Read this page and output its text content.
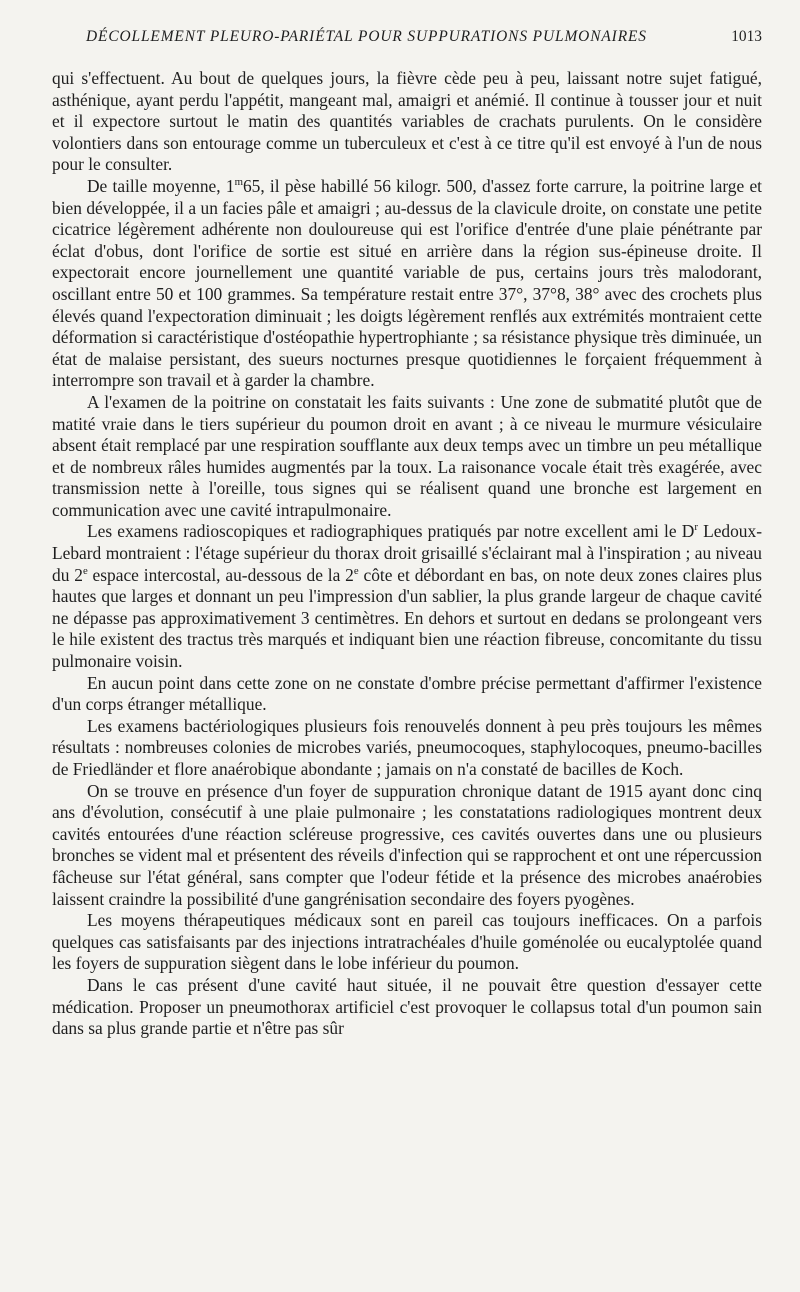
DÉCOLLEMENT PLEURO-PARIÉTAL POUR SUPPURATIONS PULMONAIRES	1013

qui s'effectuent. Au bout de quelques jours, la fièvre cède peu à peu, laissant notre sujet fatigué, asthénique, ayant perdu l'appétit, mangeant mal, amaigri et anémié. Il continue à tousser jour et nuit et il expectore surtout le matin des quantités variables de crachats purulents. On le considère volontiers dans son entourage comme un tuberculeux et c'est à ce titre qu'il est envoyé à l'un de nous pour le consulter.

De taille moyenne, 1$^m$65, il pèse habillé 56 kilogr. 500, d'assez forte carrure, la poitrine large et bien développée, il a un facies pâle et amaigri ; au-dessus de la clavicule droite, on constate une petite cicatrice légèrement adhérente non douloureuse qui est l'orifice d'entrée d'une plaie pénétrante par éclat d'obus, dont l'orifice de sortie est situé en arrière dans la région sus-épineuse droite. Il expectorait encore journellement une quantité variable de pus, certains jours très malodorant, oscillant entre 50 et 100 grammes. Sa température restait entre 37°, 37°8, 38° avec des crochets plus élevés quand l'expectoration diminuait ; les doigts légèrement renflés aux extrémités montraient cette déformation si caractéristique d'ostéopathie hypertrophiante ; sa résistance physique très diminuée, un état de malaise persistant, des sueurs nocturnes presque quotidiennes le forçaient fréquemment à interrompre son travail et à garder la chambre.

A l'examen de la poitrine on constatait les faits suivants : Une zone de submatité plutôt que de matité vraie dans le tiers supérieur du poumon droit en avant ; à ce niveau le murmure vésiculaire absent était remplacé par une respiration soufflante aux deux temps avec un timbre un peu métallique et de nombreux râles humides augmentés par la toux. La raisonance vocale était très exagérée, avec transmission nette à l'oreille, tous signes qui se réalisent quand une bronche est largement en communication avec une cavité intrapulmonaire.

Les examens radioscopiques et radiographiques pratiqués par notre excellent ami le $D^r$ Ledoux-Lebard montraient : l'étage supérieur du thorax droit grisaillé s'éclairant mal à l'inspiration ; au niveau du 2e espace intercostal, au-dessous de la 2e côte et débordant en bas, on note deux zones claires plus hautes que larges et donnant un peu l'impression d'un sablier, la plus grande largeur de chaque cavité ne dépasse pas approximativement 3 centimètres. En dehors et surtout en dedans se prolongeant vers le hile existent des tractus très marqués et indiquant bien une réaction fibreuse, concomitante du tissu pulmonaire voisin.

En aucun point dans cette zone on ne constate d'ombre précise permettant d'affirmer l'existence d'un corps étranger métallique.

Les examens bactériologiques plusieurs fois renouvelés donnent à peu près toujours les mêmes résultats : nombreuses colonies de microbes variés, pneumocoques, staphylocoques, pneumo-bacilles de Friedländer et flore anaérobique abondante ; jamais on n'a constaté de bacilles de Koch.

On se trouve en présence d'un foyer de suppuration chronique datant de 1915 ayant donc cinq ans d'évolution, consécutif à une plaie pulmonaire ; les constatations radiologiques montrent deux cavités entourées d'une réaction scléreuse progressive, ces cavités ouvertes dans une ou plusieurs bronches se vident mal et présentent des réveils d'infection qui se rapprochent et ont une répercussion fâcheuse sur l'état général, sans compter que l'odeur fétide et la présence des microbes anaérobies laissent craindre la possibilité d'une gangrénisation secondaire des foyers pyogènes.

Les moyens thérapeutiques médicaux sont en pareil cas toujours inefficaces. On a parfois quelques cas satisfaisants par des injections intratrachéales d'huile goménolée ou eucalyptolée quand les foyers de suppuration siègent dans le lobe inférieur du poumon.

Dans le cas présent d'une cavité haut située, il ne pouvait être question d'essayer cette médication. Proposer un pneumothorax artificiel c'est provoquer le collapsus total d'un poumon sain dans sa plus grande partie et n'être pas sûr
